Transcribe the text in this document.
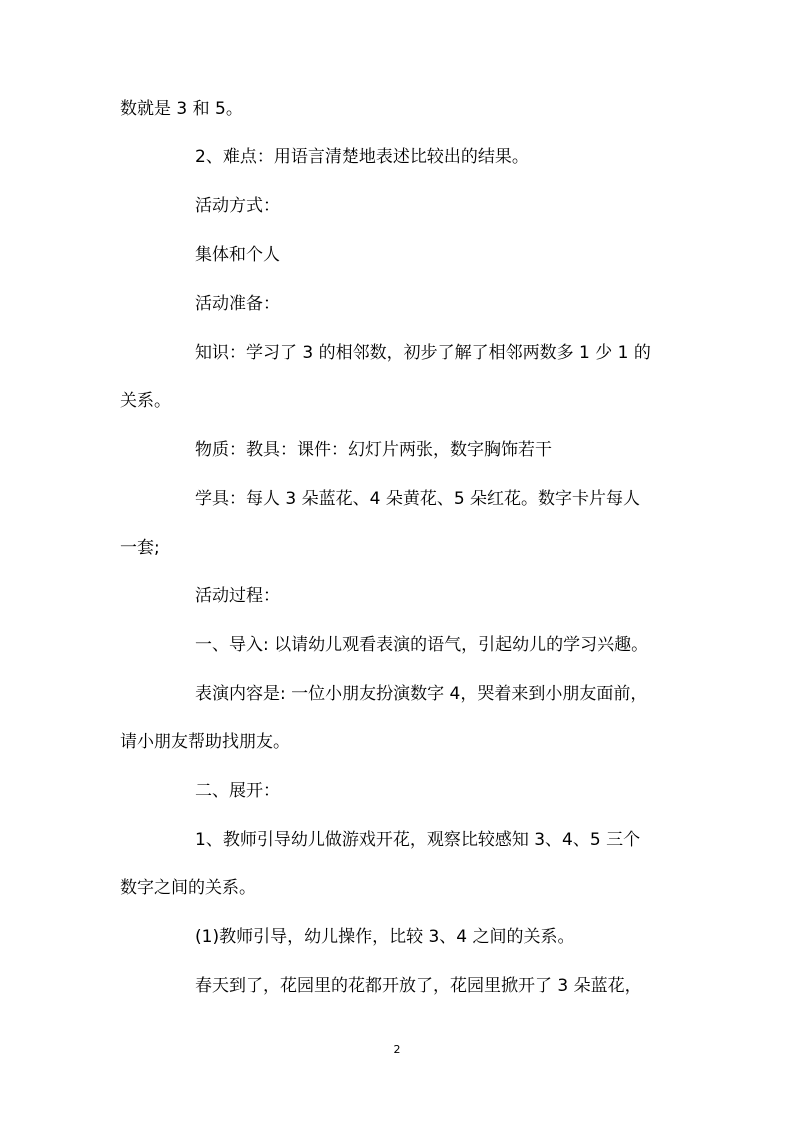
数就是 3 和 5。
2、难点：用语言清楚地表述比较出的结果。
活动方式：
集体和个人
活动准备：
知识：学习了 3 的相邻数，初步了解了相邻两数多 1 少 1 的
关系。
物质：教具：课件：幻灯片两张，数字胸饰若干
学具：每人 3 朵蓝花、4 朵黄花、5 朵红花。数字卡片每人
一套;
活动过程：
一、导入: 以请幼儿观看表演的语气，引起幼儿的学习兴趣。
表演内容是: 一位小朋友扮演数字 4，哭着来到小朋友面前，
请小朋友帮助找朋友。
二、展开：
1、教师引导幼儿做游戏开花，观察比较感知 3、4、5 三个
数字之间的关系。
(1)教师引导，幼儿操作，比较 3、4 之间的关系。
春天到了，花园里的花都开放了，花园里掀开了 3 朵蓝花，
2
